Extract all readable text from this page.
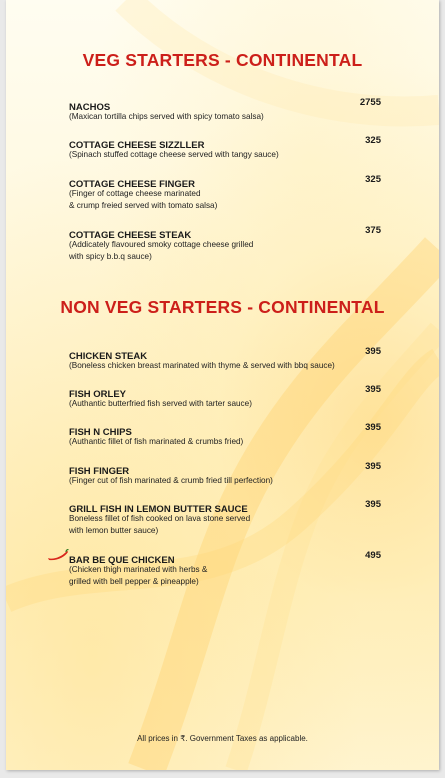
VEG STARTERS - CONTINENTAL
NACHOS	2755
(Maxican tortilla chips served with spicy tomato salsa)
COTTAGE CHEESE SIZZLLER	325
(Spinach stuffed cottage cheese served with tangy sauce)
COTTAGE CHEESE FINGER	325
(Finger of cottage cheese marinated
& crump freied served with tomato salsa)
COTTAGE CHEESE STEAK	375
(Addicately flavoured smoky cottage cheese grilled
with spicy b.b.q sauce)
NON VEG STARTERS - CONTINENTAL
CHICKEN STEAK	395
(Boneless chicken breast marinated with thyme & served with bbq sauce)
FISH ORLEY	395
(Authantic butterfried fish served with tarter sauce)
FISH N CHIPS	395
(Authantic fillet of fish marinated & crumbs fried)
FISH FINGER	395
(Finger cut of fish marinated & crumb fried till perfection)
GRILL FISH IN LEMON BUTTER SAUCE	395
Boneless fillet of fish cooked on lava stone served
with lemon butter sauce)
BAR BE QUE CHICKEN	495
(Chicken thigh marinated with herbs &
grilled with bell pepper & pineapple)
All prices in ₹. Government Taxes as applicable.
